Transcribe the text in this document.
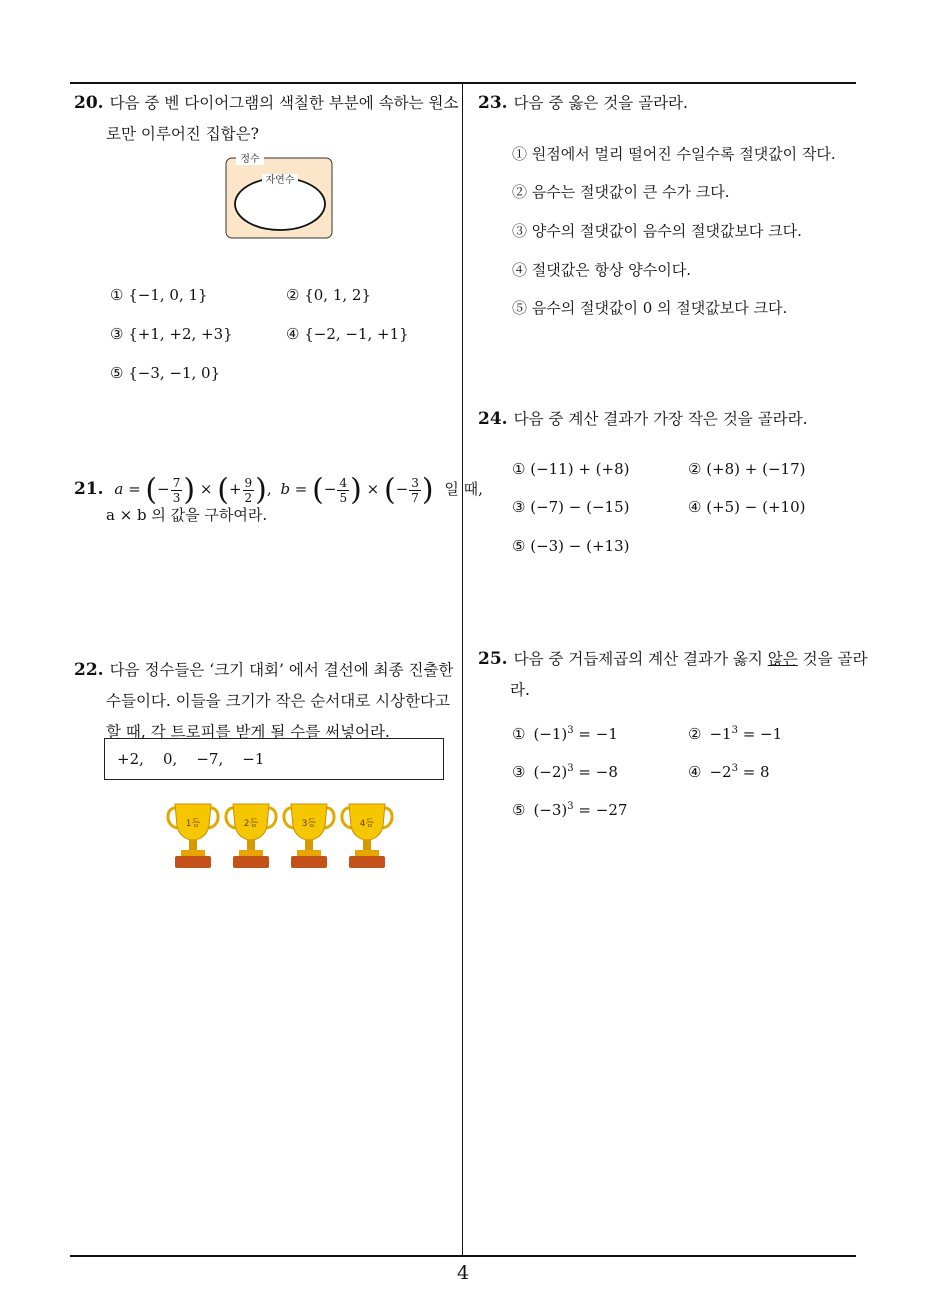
20. 다음 중 벤 다이어그램의 색칠한 부분에 속하는 원소
로만 이루어진 집합은?
정수
자연수
① {−1, 0, 1}	② {0, 1, 2}
③ {+1, +2, +3}	④ {−2, −1, +1}
⑤ {−3, −1, 0}
21. a = (− $\frac{7}{3}$ ) × (+ $\frac{9}{2}$ ), b = (− $\frac{4}{5}$ ) × (− $\frac{3}{7}$ ) 일 때,
a × b 의 값을 구하여라.
22. 다음 정수들은 ‘크기 대회’ 에서 결선에 최종 진출한
수들이다. 이들을 크기가 작은 순서대로 시상한다고
할 때, 각 트로피를 받게 될 수를 써넣어라.
+2,    0,    −7,    −1
1등	2등	3등	4등
23. 다음 중 옳은 것을 골라라.
① 원점에서 멀리 떨어진 수일수록 절댓값이 작다.
② 음수는 절댓값이 큰 수가 크다.
③ 양수의 절댓값이 음수의 절댓값보다 크다.
④ 절댓값은 항상 양수이다.
⑤ 음수의 절댓값이 0 의 절댓값보다 크다.
24. 다음 중 계산 결과가 가장 작은 것을 골라라.
① (−11) + (+8)	② (+8) + (−17)
③ (−7) − (−15)	④ (+5) − (+10)
⑤ (−3) − (+13)
25. 다음 중 거듭제곱의 계산 결과가 옳지 않은 것을 골라
라.
① $(-1)^3 = -1$	② $-1^3 = -1$
③ $(-2)^3 = -8$	④ $-2^3 = 8$
⑤ $(-3)^3 = -27$
4
